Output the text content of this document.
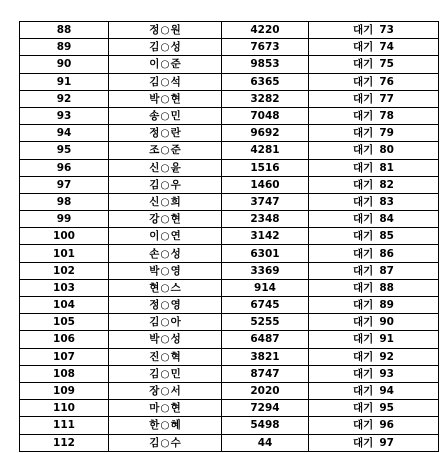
88	정○원	4220	대기 73
89	김○성	7673	대기 74
90	이○준	9853	대기 75
91	김○석	6365	대기 76
92	박○현	3282	대기 77
93	송○민	7048	대기 78
94	정○란	9692	대기 79
95	조○준	4281	대기 80
96	신○윤	1516	대기 81
97	김○우	1460	대기 82
98	신○희	3747	대기 83
99	강○현	2348	대기 84
100	이○연	3142	대기 85
101	손○성	6301	대기 86
102	박○영	3369	대기 87
103	현○스	914	대기 88
104	정○영	6745	대기 89
105	김○아	5255	대기 90
106	박○성	6487	대기 91
107	진○혁	3821	대기 92
108	김○민	8747	대기 93
109	장○서	2020	대기 94
110	마○현	7294	대기 95
111	한○혜	5498	대기 96
112	김○수	44	대기 97
